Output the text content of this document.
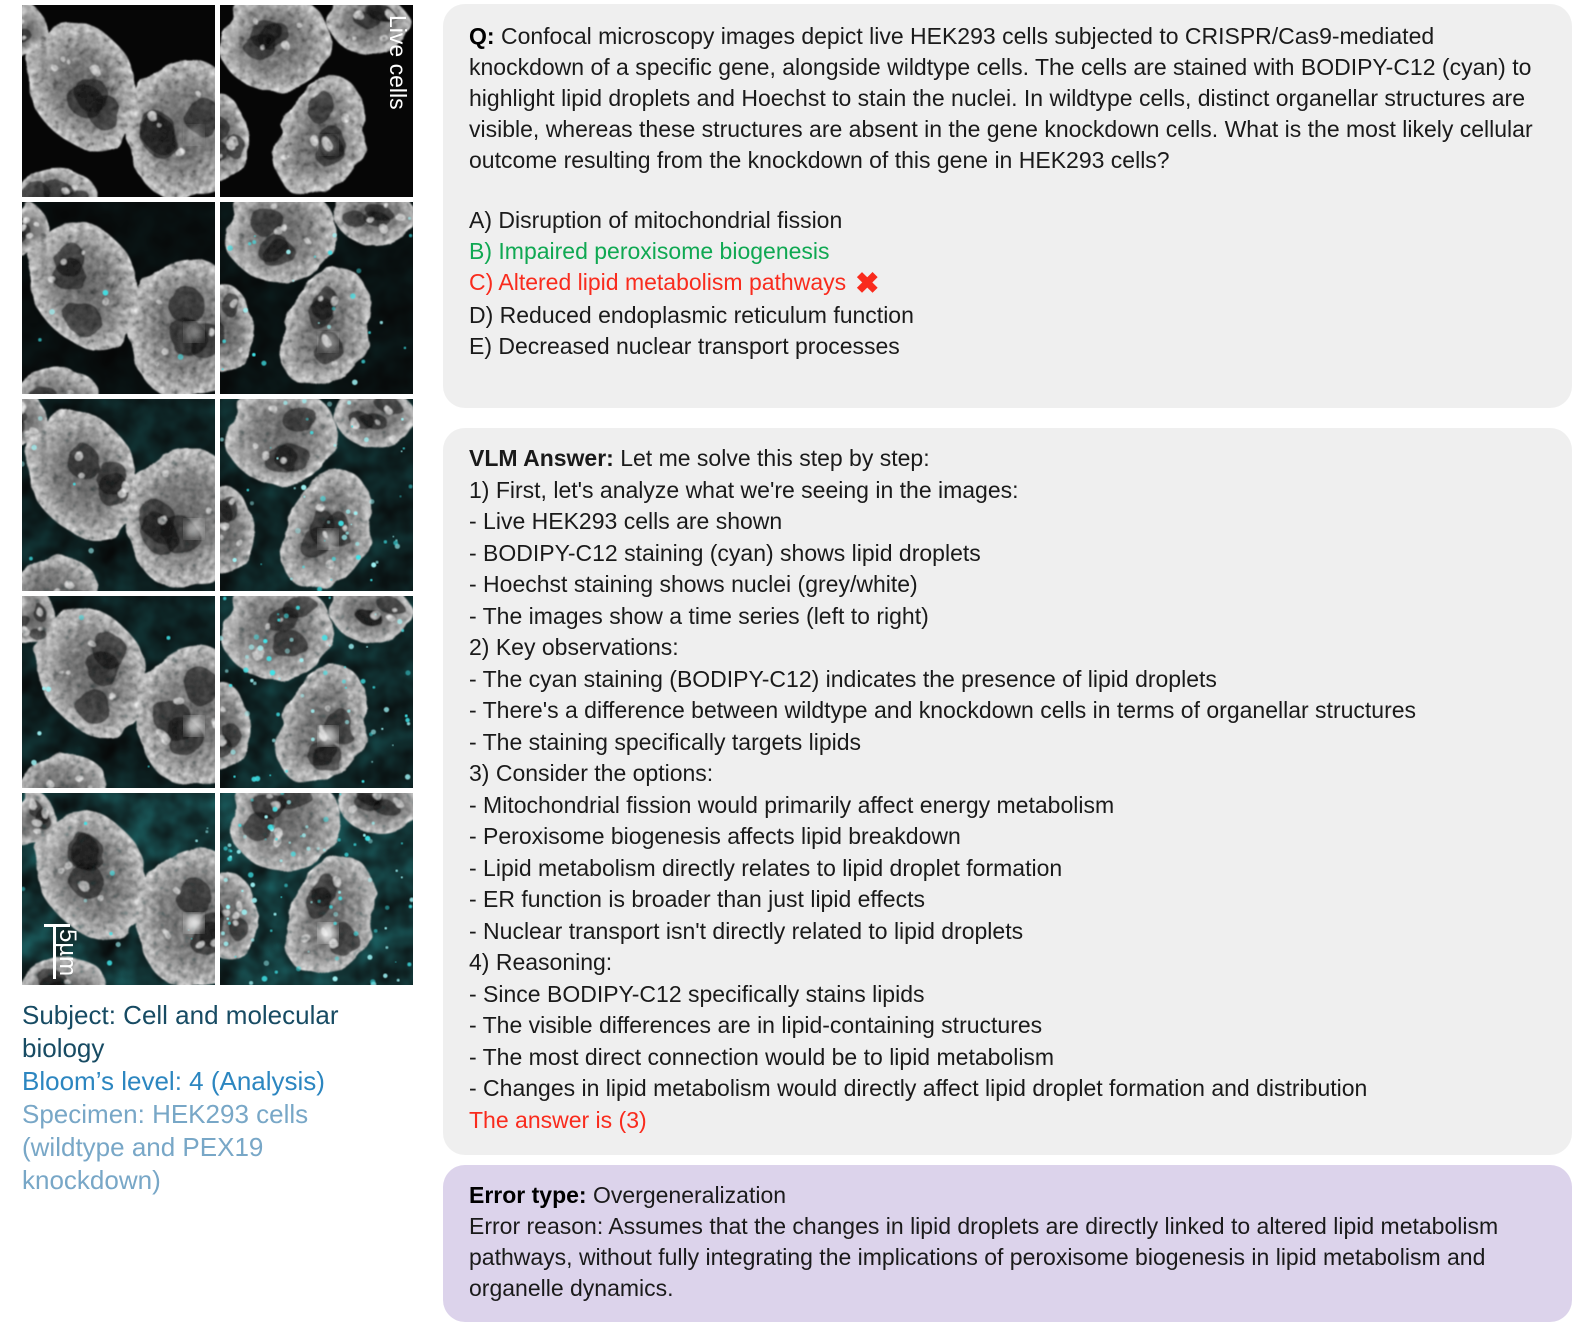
Live cells
5µm

Subject: Cell and molecular biology

Bloom’s level: 4 (Analysis)

Specimen: HEK293 cells (wildtype and PEX19 knockdown)

Q: Confocal microscopy images depict live HEK293 cells subjected to CRISPR/Cas9-mediated knockdown of a specific gene, alongside wildtype cells. The cells are stained with BODIPY-C12 (cyan) to highlight lipid droplets and Hoechst to stain the nuclei. In wildtype cells, distinct organellar structures are visible, whereas these structures are absent in the gene knockdown cells. What is the most likely cellular outcome resulting from the knockdown of this gene in HEK293 cells?

A) Disruption of mitochondrial fission
B) Impaired peroxisome biogenesis
C) Altered lipid metabolism pathways ✖
D) Reduced endoplasmic reticulum function
E) Decreased nuclear transport processes

VLM Answer: Let me solve this step by step:

1) First, let's analyze what we're seeing in the images:
- Live HEK293 cells are shown
- BODIPY-C12 staining (cyan) shows lipid droplets
- Hoechst staining shows nuclei (grey/white)
- The images show a time series (left to right)
2) Key observations:
- The cyan staining (BODIPY-C12) indicates the presence of lipid droplets
- There's a difference between wildtype and knockdown cells in terms of organellar structures
- The staining specifically targets lipids
3) Consider the options:
- Mitochondrial fission would primarily affect energy metabolism
- Peroxisome biogenesis affects lipid breakdown
- Lipid metabolism directly relates to lipid droplet formation
- ER function is broader than just lipid effects
- Nuclear transport isn't directly related to lipid droplets
4) Reasoning:
- Since BODIPY-C12 specifically stains lipids
- The visible differences are in lipid-containing structures
- The most direct connection would be to lipid metabolism
- Changes in lipid metabolism would directly affect lipid droplet formation and distribution

The answer is (3)

Error type: Overgeneralization

Error reason: Assumes that the changes in lipid droplets are directly linked to altered lipid metabolism pathways, without fully integrating the implications of peroxisome biogenesis in lipid metabolism and organelle dynamics.
